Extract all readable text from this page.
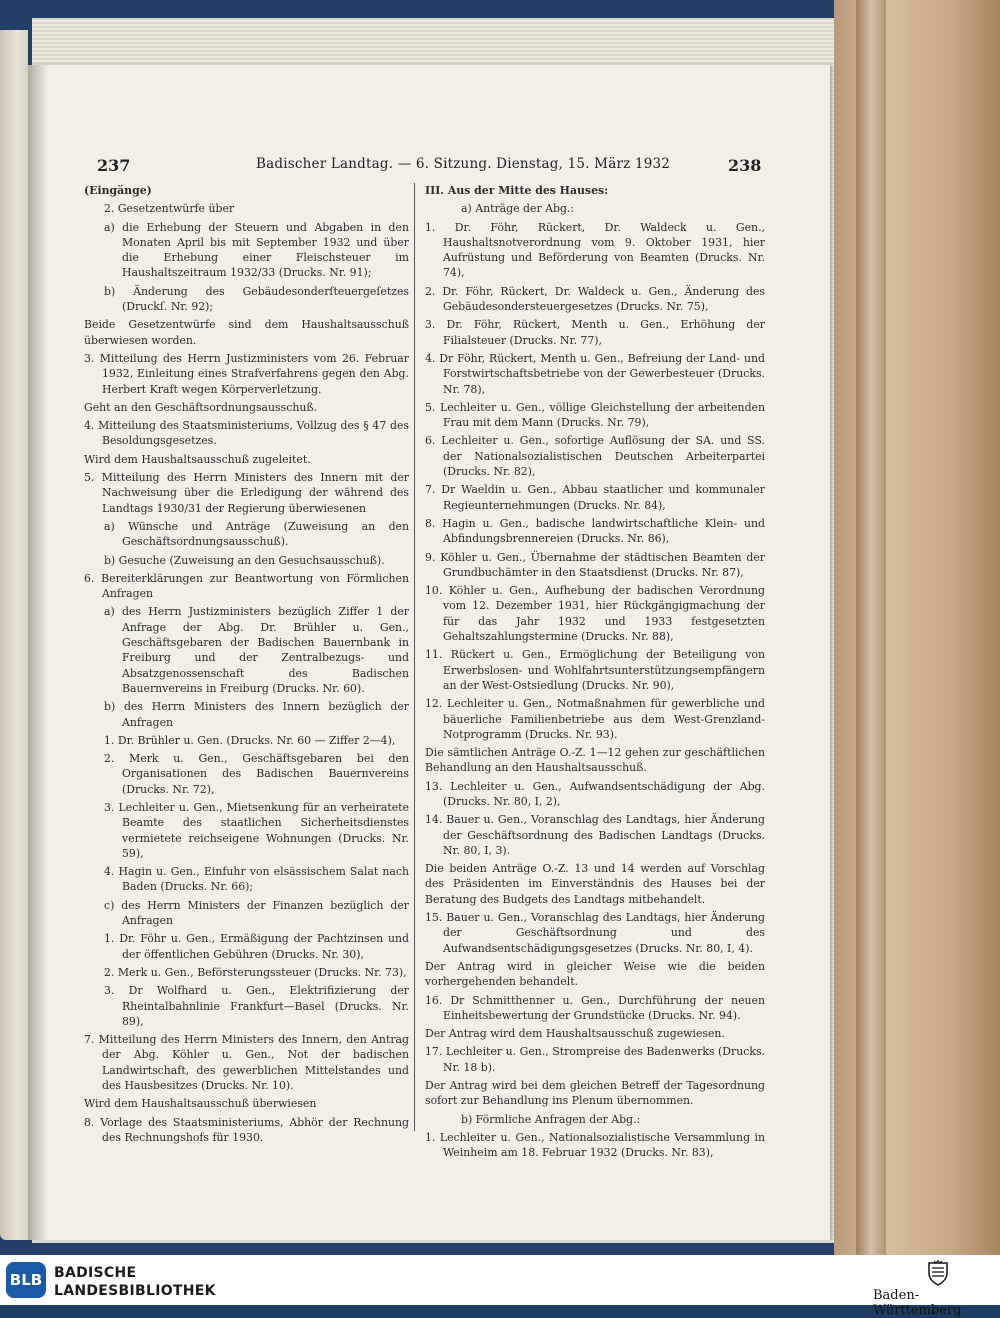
237	Badischer Landtag. — 6. Sitzung. Dienstag, 15. März 1932	238
(Eingänge)
2. Gesetzentwürfe über
a) die Erhebung der Steuern und Abgaben in den Monaten April bis mit September 1932 und über die Erhebung einer Fleischsteuer im Haushaltszeitraum 1932/33 (Drucks. Nr. 91);
b) Änderung des Gebäudesonderſteuergeſetzes (Druckſ. Nr. 92);
Beide Gesetzentwürfe sind dem Haushaltsausschuß überwiesen worden.
3. Mitteilung des Herrn Justizministers vom 26. Februar 1932, Einleitung eines Strafverfahrens gegen den Abg. Herbert Kraft wegen Körperverletzung.
Geht an den Geschäftsordnungsausschuß.
4. Mitteilung des Staatsministeriums, Vollzug des § 47 des Besoldungsgesetzes.
Wird dem Haushaltsausschuß zugeleitet.
5. Mitteilung des Herrn Ministers des Innern mit der Nachweisung über die Erledigung der während des Landtags 1930/31 der Regierung überwiesenen
a) Wünsche und Anträge (Zuweisung an den Geschäftsordnungsausschuß).
b) Gesuche (Zuweisung an den Gesuchsausschuß).
6. Bereiterklärungen zur Beantwortung von Förmlichen Anfragen
a) des Herrn Justizministers bezüglich Ziffer 1 der Anfrage der Abg. Dr. Brühler u. Gen., Geschäftsgebaren der Badischen Bauernbank in Freiburg und der Zentralbezugs- und Absatzgenossenschaft des Badischen Bauernvereins in Freiburg (Drucks. Nr. 60).
b) des Herrn Ministers des Innern bezüglich der Anfragen
1. Dr. Brühler u. Gen. (Drucks. Nr. 60 — Ziffer 2—4),
2. Merk u. Gen., Geschäftsgebaren bei den Organisationen des Badischen Bauernvereins (Drucks. Nr. 72),
3. Lechleiter u. Gen., Mietsenkung für an verheiratete Beamte des staatlichen Sicherheitsdienstes vermietete reichseigene Wohnungen (Drucks. Nr. 59),
4. Hagin u. Gen., Einfuhr von elsässischem Salat nach Baden (Drucks. Nr. 66);
c) des Herrn Ministers der Finanzen bezüglich der Anfragen
1. Dr. Föhr u. Gen., Ermäßigung der Pachtzinsen und der öffentlichen Gebühren (Drucks. Nr. 30),
2. Merk u. Gen., Beförsterungssteuer (Drucks. Nr. 73),
3. Dr Wolfhard u. Gen., Elektrifizierung der Rheintalbahnlinie Frankfurt—Basel (Drucks. Nr. 89),
7. Mitteilung des Herrn Ministers des Innern, den Antrag der Abg. Köhler u. Gen., Not der badischen Landwirtschaft, des gewerblichen Mittelstandes und des Hausbesitzes (Drucks. Nr. 10).
Wird dem Haushaltsausschuß überwiesen
8. Vorlage des Staatsministeriums, Abhör der Rechnung des Rechnungshofs für 1930.
III. Aus der Mitte des Hauses:
a) Anträge der Abg.:
1. Dr. Föhr, Rückert, Dr. Waldeck u. Gen., Haushaltsnotverordnung vom 9. Oktober 1931, hier Aufrüstung und Beförderung von Beamten (Drucks. Nr. 74),
2. Dr. Föhr, Rückert, Dr. Waldeck u. Gen., Änderung des Gebäudesondersteuergesetzes (Drucks. Nr. 75),
3. Dr. Föhr, Rückert, Menth u. Gen., Erhöhung der Filialsteuer (Drucks. Nr. 77),
4. Dr Föhr, Rückert, Menth u. Gen., Befreiung der Land- und Forstwirtschaftsbetriebe von der Gewerbesteuer (Drucks. Nr. 78),
5. Lechleiter u. Gen., völlige Gleichstellung der arbeitenden Frau mit dem Mann (Drucks. Nr. 79),
6. Lechleiter u. Gen., sofortige Auflösung der SA. und SS. der Nationalsozialistischen Deutschen Arbeiterpartei (Drucks. Nr. 82),
7. Dr Waeldin u. Gen., Abbau staatlicher und kommunaler Regieunternehmungen (Drucks. Nr. 84),
8. Hagin u. Gen., badische landwirtschaftliche Klein- und Abfindungsbrennereien (Drucks. Nr. 86),
9. Köhler u. Gen., Übernahme der städtischen Beamten der Grundbuchämter in den Staatsdienst (Drucks. Nr. 87),
10. Köhler u. Gen., Aufhebung der badischen Verordnung vom 12. Dezember 1931, hier Rückgängigmachung der für das Jahr 1932 und 1933 festgesetzten Gehaltszahlungstermine (Drucks. Nr. 88),
11. Rückert u. Gen., Ermöglichung der Beteiligung von Erwerbslosen- und Wohlfahrtsunterstützungsempfängern an der West-Ostsiedlung (Drucks. Nr. 90),
12. Lechleiter u. Gen., Notmaßnahmen für gewerbliche und bäuerliche Familienbetriebe aus dem West-Grenzland-Notprogramm (Drucks. Nr. 93).
Die sämtlichen Anträge O.-Z. 1—12 gehen zur geschäftlichen Behandlung an den Haushaltsausschuß.
13. Lechleiter u. Gen., Aufwandsentschädigung der Abg. (Drucks. Nr. 80, I, 2),
14. Bauer u. Gen., Voranschlag des Landtags, hier Änderung der Geschäftsordnung des Badischen Landtags (Drucks. Nr. 80, I, 3).
Die beiden Anträge O.-Z. 13 und 14 werden auf Vorschlag des Präsidenten im Einverständnis des Hauses bei der Beratung des Budgets des Landtags mitbehandelt.
15. Bauer u. Gen., Voranschlag des Landtags, hier Änderung der Geschäftsordnung und des Aufwandsentschädigungsgesetzes (Drucks. Nr. 80, I, 4).
Der Antrag wird in gleicher Weise wie die beiden vorhergehenden behandelt.
16. Dr Schmitthenner u. Gen., Durchführung der neuen Einheitsbewertung der Grundstücke (Drucks. Nr. 94).
Der Antrag wird dem Haushaltsausschuß zugewiesen.
17. Lechleiter u. Gen., Strompreise des Badenwerks (Drucks. Nr. 18 b).
Der Antrag wird bei dem gleichen Betreff der Tagesordnung sofort zur Behandlung ins Plenum übernommen.
b) Förmliche Anfragen der Abg.:
1. Lechleiter u. Gen., Nationalsozialistische Versammlung in Weinheim am 18. Februar 1932 (Drucks. Nr. 83),
BLB BADISCHE
LANDESBIBLIOTHEK	Baden-Württemberg
